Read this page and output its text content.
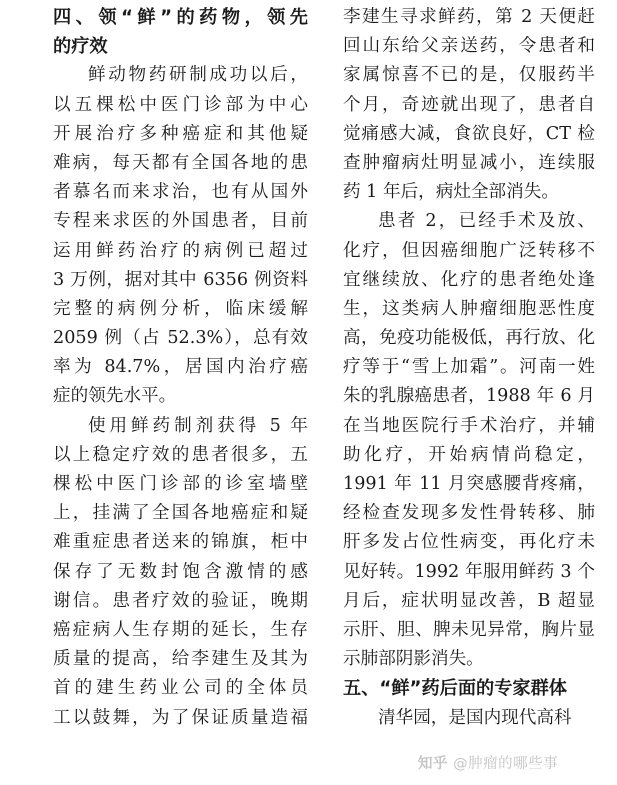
四、领“鲜”的药物，领先
的疗效
鲜动物药研制成功以后，
以五棵松中医门诊部为中心
开展治疗多种癌症和其他疑
难病，每天都有全国各地的患
者慕名而来求治，也有从国外
专程来求医的外国患者，目前
运用鲜药治疗的病例已超过
3 万例，据对其中 6356 例资料
完整的病例分析，临床缓解
2059 例（占 52.3%），总有效
率为 84.7%，居国内治疗癌
症的领先水平。
使用鲜药制剂获得 5 年
以上稳定疗效的患者很多，五
棵松中医门诊部的诊室墙壁
上，挂满了全国各地癌症和疑
难重症患者送来的锦旗，柜中
保存了无数封饱含激情的感
谢信。患者疗效的验证，晚期
癌症病人生存期的延长，生存
质量的提高，给李建生及其为
首的建生药业公司的全体员
工以鼓舞，为了保证质量造福
李建生寻求鲜药，第 2 天便赶
回山东给父亲送药，令患者和
家属惊喜不已的是，仅服药半
个月，奇迹就出现了，患者自
觉痛感大减，食欲良好，CT 检
查肿瘤病灶明显减小，连续服
药 1 年后，病灶全部消失。
患者 2，已经手术及放、
化疗，但因癌细胞广泛转移不
宜继续放、化疗的患者绝处逢
生，这类病人肿瘤细胞恶性度
高，免疫功能极低，再行放、化
疗等于“雪上加霜”。河南一姓
朱的乳腺癌患者，1988 年 6 月
在当地医院行手术治疗，并辅
助化疗，开始病情尚稳定，
1991 年 11 月突感腰背疼痛，
经检查发现多发性骨转移、肺
肝多发占位性病变，再化疗未
见好转。1992 年服用鲜药 3 个
月后，症状明显改善，B 超显
示肝、胆、脾未见异常，胸片显
示肺部阴影消失。
五、“鲜”药后面的专家群体
清华园，是国内现代高科
知乎 @肿瘤的哪些事
